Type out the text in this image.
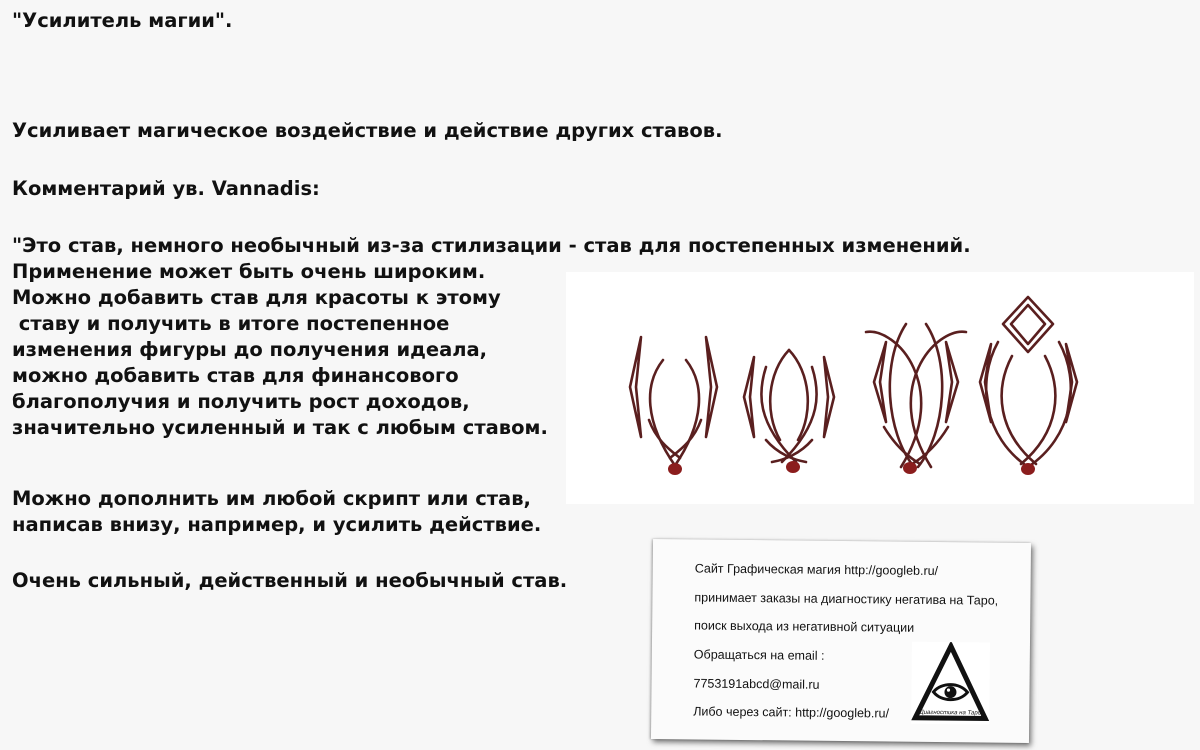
"Усилитель магии".
Усиливает магическое воздействие и действие других ставов.
Комментарий ув. Vannadis:
"Это став, немного необычный из-за стилизации - став для постепенных изменений.
Применение может быть очень широким.
Можно добавить став для красоты к этому
ставу и получить в итоге постепенное
изменения фигуры до получения идеала,
можно добавить став для финансового
благополучия и получить рост доходов,
значительно усиленный и так с любым ставом.
Можно дополнить им любой скрипт или став,
написав внизу, например, и усилить действие.
Очень сильный, действенный и необычный став.	Сайт Графическая магия http://googleb.ru/
принимает заказы на диагностику негатива на Таро,
поиск выхода из негативной ситуации
Обращаться на email :
7753191abcd@mail.ru
Либо через сайт: http://googleb.ru/	Диагностика на Таро
